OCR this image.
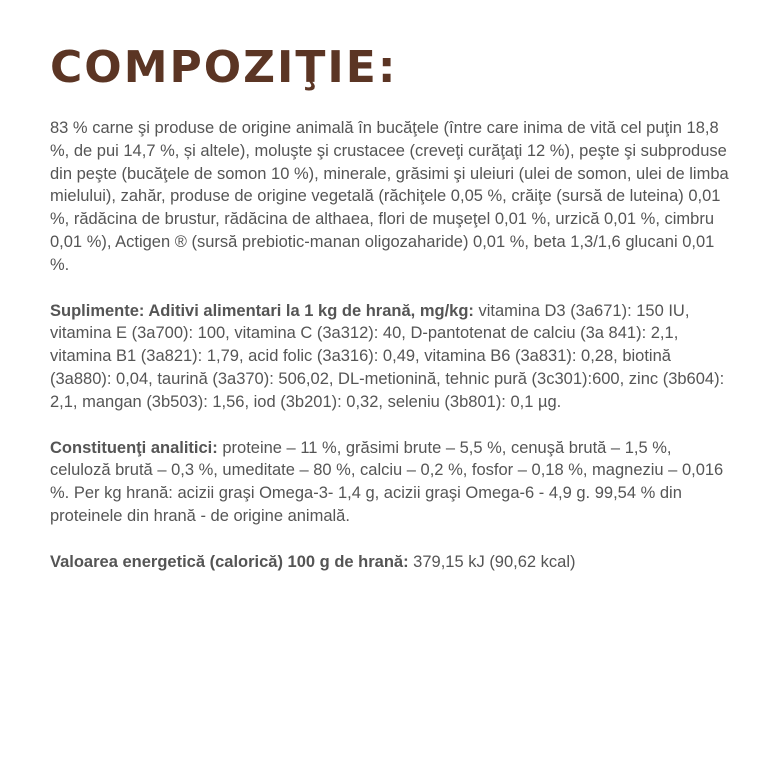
COMPOZIŢIE:

83 % carne şi produse de origine animală în bucăţele (între care inima de vită cel puţin 18,8 %, de pui 14,7 %, și altele), moluşte şi crustacee (creveţi curăţaţi 12 %), peşte şi subproduse din peşte (bucăţele de somon 10 %), minerale, grăsimi şi uleiuri (ulei de somon, ulei de limba mielului), zahăr, produse de origine vegetală (răchiţele 0,05 %, crăiţe (sursă de luteina) 0,01 %, rădăcina de brustur, rădăcina de althaea, flori de muşeţel 0,01 %, urzică 0,01 %, cimbru 0,01 %), Actigen ® (sursă prebiotic-manan oligozaharide) 0,01 %, beta 1,3/1,6 glucani 0,01 %.

Suplimente: Aditivi alimentari la 1 kg de hrană, mg/kg: vitamina D3 (3a671): 150 IU, vitamina E (3a700): 100, vitamina C (3a312): 40, D-pantotenat de calciu (3a 841): 2,1, vitamina B1 (3a821): 1,79, acid folic (3a316): 0,49, vitamina B6 (3a831): 0,28, biotină (3a880): 0,04, taurină (3a370): 506,02, DL-metionină, tehnic pură (3c301):600, zinc (3b604): 2,1, mangan (3b503): 1,56, iod (3b201): 0,32, seleniu (3b801): 0,1 µg.

Constituenţi analitici: proteine – 11 %, grăsimi brute – 5,5 %, cenuşă brută – 1,5 %, celuloză brută – 0,3 %, umeditate – 80 %, calciu – 0,2 %, fosfor – 0,18 %, magneziu – 0,016 %. Per kg hrană: acizii graşi Omega-3- 1,4 g, acizii graşi Omega-6 - 4,9 g. 99,54 % din proteinele din hrană - de origine animală.

Valoarea energetică (calorică) 100 g de hrană: 379,15 kJ (90,62 kcal)
